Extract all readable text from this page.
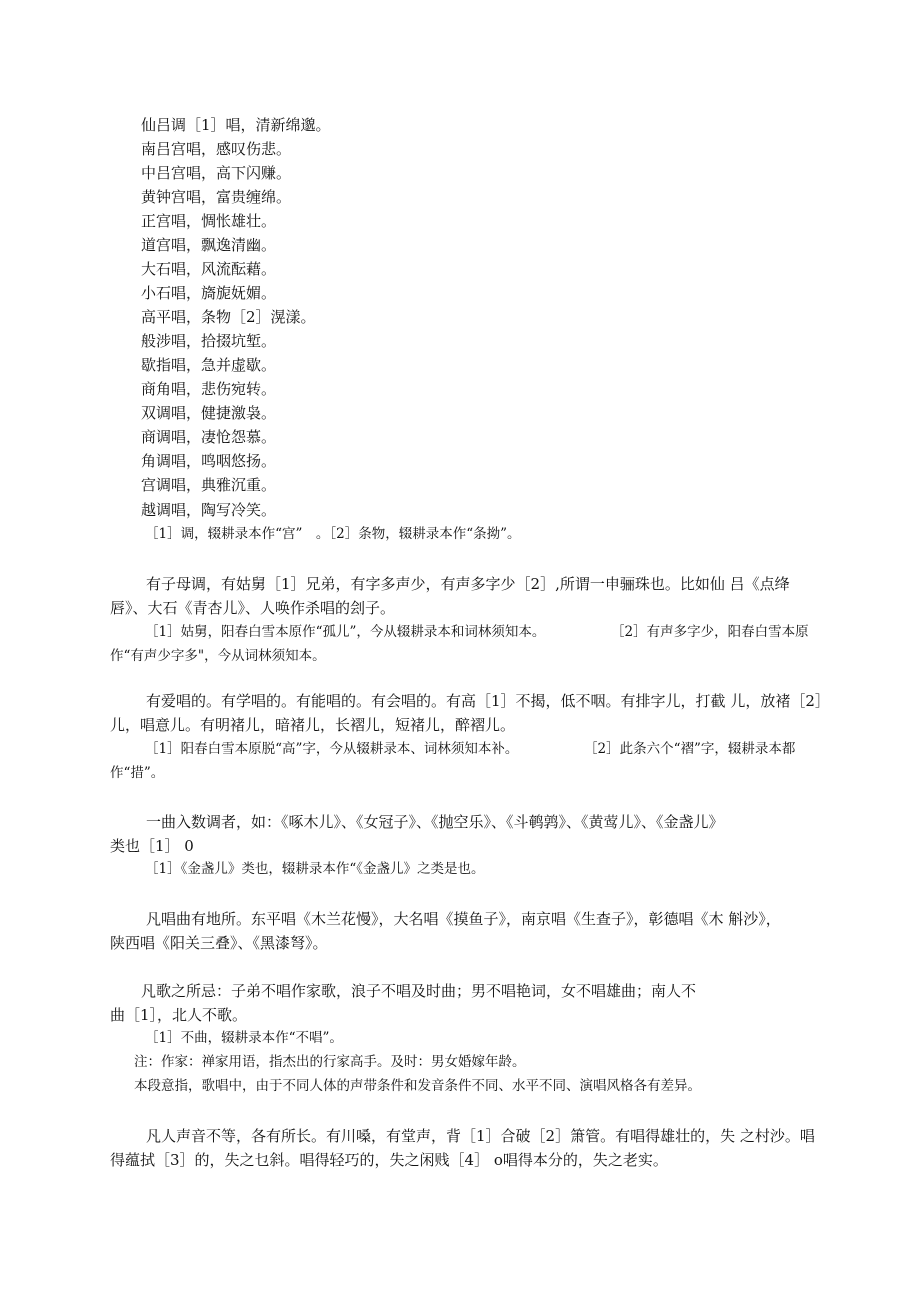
仙吕调［1］唱，清新绵邈。
南吕宫唱，感叹伤悲。
中吕宫唱，高下闪赚。
黄钟宫唱，富贵缠绵。
正宫唱，惆怅雄壮。
道宫唱，飘逸清幽。
大石唱，风流酝藉。
小石唱，旖旎妩媚。
高平唱，条物［2］滉漾。
般涉唱，拾掇坑堑。
歇指唱，急并虚歇。
商角唱，悲伤宛转。
双调唱，健捷激袅。
商调唱，凄怆怨慕。
角调唱，鸣咽悠扬。
宫调唱，典雅沉重。
越调唱，陶写冷笑。
［1］调，辍耕录本作“宫”　。［2］条物，辍耕录本作“条拗”。
有子母调，有姑舅［1］兄弟，有字多声少，有声多字少［2］,所谓一申骊珠也。比如仙 吕《点绛
唇》、大石《青杏儿》、人唤作杀唱的刽子。
［1］姑舅，阳春白雪本原作“孤儿”，今从辍耕录本和词林须知本。	［2］有声多字少，阳春白雪本原
作“有声少字多"，今从词林须知本。
有爱唱的。有学唱的。有能唱的。有会唱的。有高［1］不揭，低不咽。有排字儿，打截 儿，放褚［2］
儿，唱意儿。有明褚儿，暗褚儿，长褶儿，短褚儿，醉褶儿。
［1］阳春白雪本原脱“高”字，今从辍耕录本、词林须知本补。	［2］此条六个“褶”字，辍耕录本都
作“措”。
一曲入数调者，如：《啄木儿》、《女冠子》、《抛空乐》、《斗鹌鹑》、《黄莺儿》、《金盏儿》
类也［1］ 0
［1］《金盏儿》类也，辍耕录本作“《金盏儿》之类是也。
凡唱曲有地所。东平唱《木兰花慢》，大名唱《摸鱼子》，南京唱《生查子》，彰德唱《木 斛沙》，
陕西唱《阳关三叠》、《黑漆弩》。
凡歌之所忌：子弟不唱作家歌，浪子不唱及时曲；男不唱艳词，女不唱雄曲；南人不
曲［1］，北人不歌。
［1］不曲，辍耕录本作“不唱”。
注：作家：禅家用语，指杰出的行家高手。及时：男女婚嫁年龄。
本段意指，歌唱中，由于不同人体的声带条件和发音条件不同、水平不同、演唱风格各有差异。
凡人声音不等，各有所长。有川嗓，有堂声，背［1］合破［2］箫管。有唱得雄壮的，失 之村沙。唱
得蕴拭［3］的，失之乜斜。唱得轻巧的，失之闲贱［4］ o唱得本分的，失之老实。
